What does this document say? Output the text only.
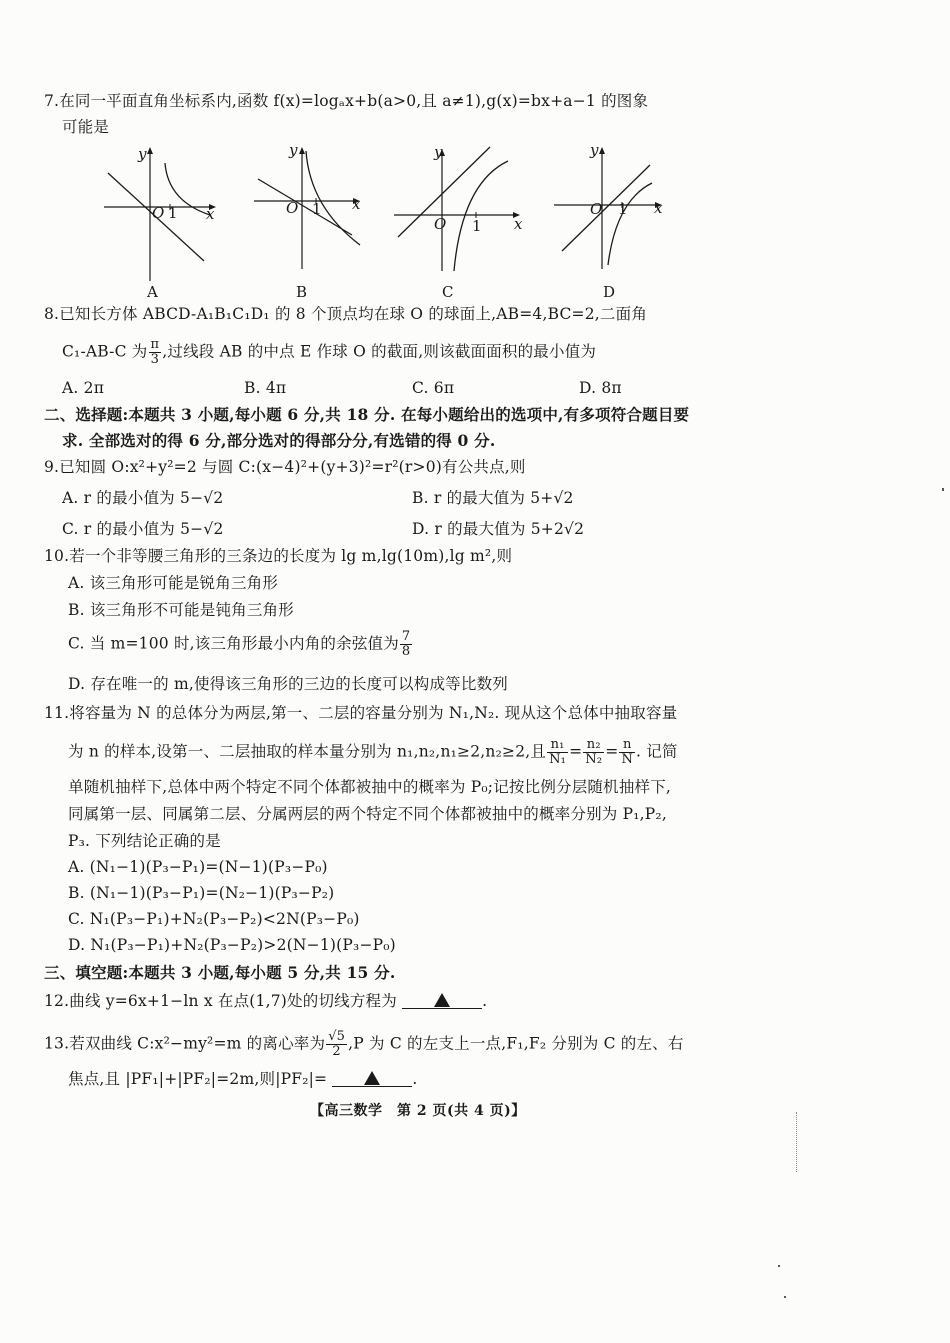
7.在同一平面直角坐标系内,函数 f(x)=logₐx+b(a>0,且 a≠1),g(x)=bx+a−1 的图象
可能是
y
x
O 1
A
y
x
O 1
B
y
x
O 1
C
y
x
O 1
D
8.已知长方体 ABCD-A₁B₁C₁D₁ 的 8 个顶点均在球 O 的球面上,AB=4,BC=2,二面角
C₁-AB-C 为 $\frac{\pi}{3}$ ,过线段 AB 的中点 E 作球 O 的截面,则该截面面积的最小值为
A. 2π	B. 4π	C. 6π	D. 8π
二、选择题:本题共 3 小题,每小题 6 分,共 18 分. 在每小题给出的选项中,有多项符合题目要
求. 全部选对的得 6 分,部分选对的得部分分,有选错的得 0 分.
9.已知圆 O:x²+y²=2 与圆 C:(x−4)²+(y+3)²=r²(r>0)有公共点,则
A. r 的最小值为 5−√2	B. r 的最大值为 5+√2
C. r 的最小值为 5−√2	D. r 的最大值为 5+2√2
10.若一个非等腰三角形的三条边的长度为 lg m,lg(10m),lg m²,则
A. 该三角形可能是锐角三角形
B. 该三角形不可能是钝角三角形
C. 当 m=100 时,该三角形最小内角的余弦值为 $\frac{7}{8}$
D. 存在唯一的 m,使得该三角形的三边的长度可以构成等比数列
11.将容量为 N 的总体分为两层,第一、二层的容量分别为 N₁,N₂. 现从这个总体中抽取容量
为 n 的样本,设第一、二层抽取的样本量分别为 n₁,n₂,n₁≥2,n₂≥2,且 $\frac{\text{n₁}}{\text{N₁}} = \frac{\text{n₂}}{\text{N₂}} = \frac{n}{N}$ . 记简
单随机抽样下,总体中两个特定不同个体都被抽中的概率为 P₀;记按比例分层随机抽样下,
同属第一层、同属第二层、分属两层的两个特定不同个体都被抽中的概率分别为 P₁,P₂,
P₃. 下列结论正确的是
A. (N₁−1)(P₃−P₁)=(N−1)(P₃−P₀)
B. (N₁−1)(P₃−P₁)=(N₂−1)(P₃−P₂)
C. N₁(P₃−P₁)+N₂(P₃−P₂)<2N(P₃−P₀)
D. N₁(P₃−P₁)+N₂(P₃−P₂)>2(N−1)(P₃−P₀)
三、填空题:本题共 3 小题,每小题 5 分,共 15 分.
12.曲线 y=6x+1−ln x 在点(1,7)处的切线方程为	.
13.若双曲线 C:x²−my²=m 的离心率为 $\frac{√5}{2} ,P$ 为 C 的左支上一点,F₁,F₂ 分别为 C 的左、右
焦点,且 |PF₁|+|PF₂|=2m,则|PF₂|=	.
【高三数学　第 2 页(共 4 页)】
